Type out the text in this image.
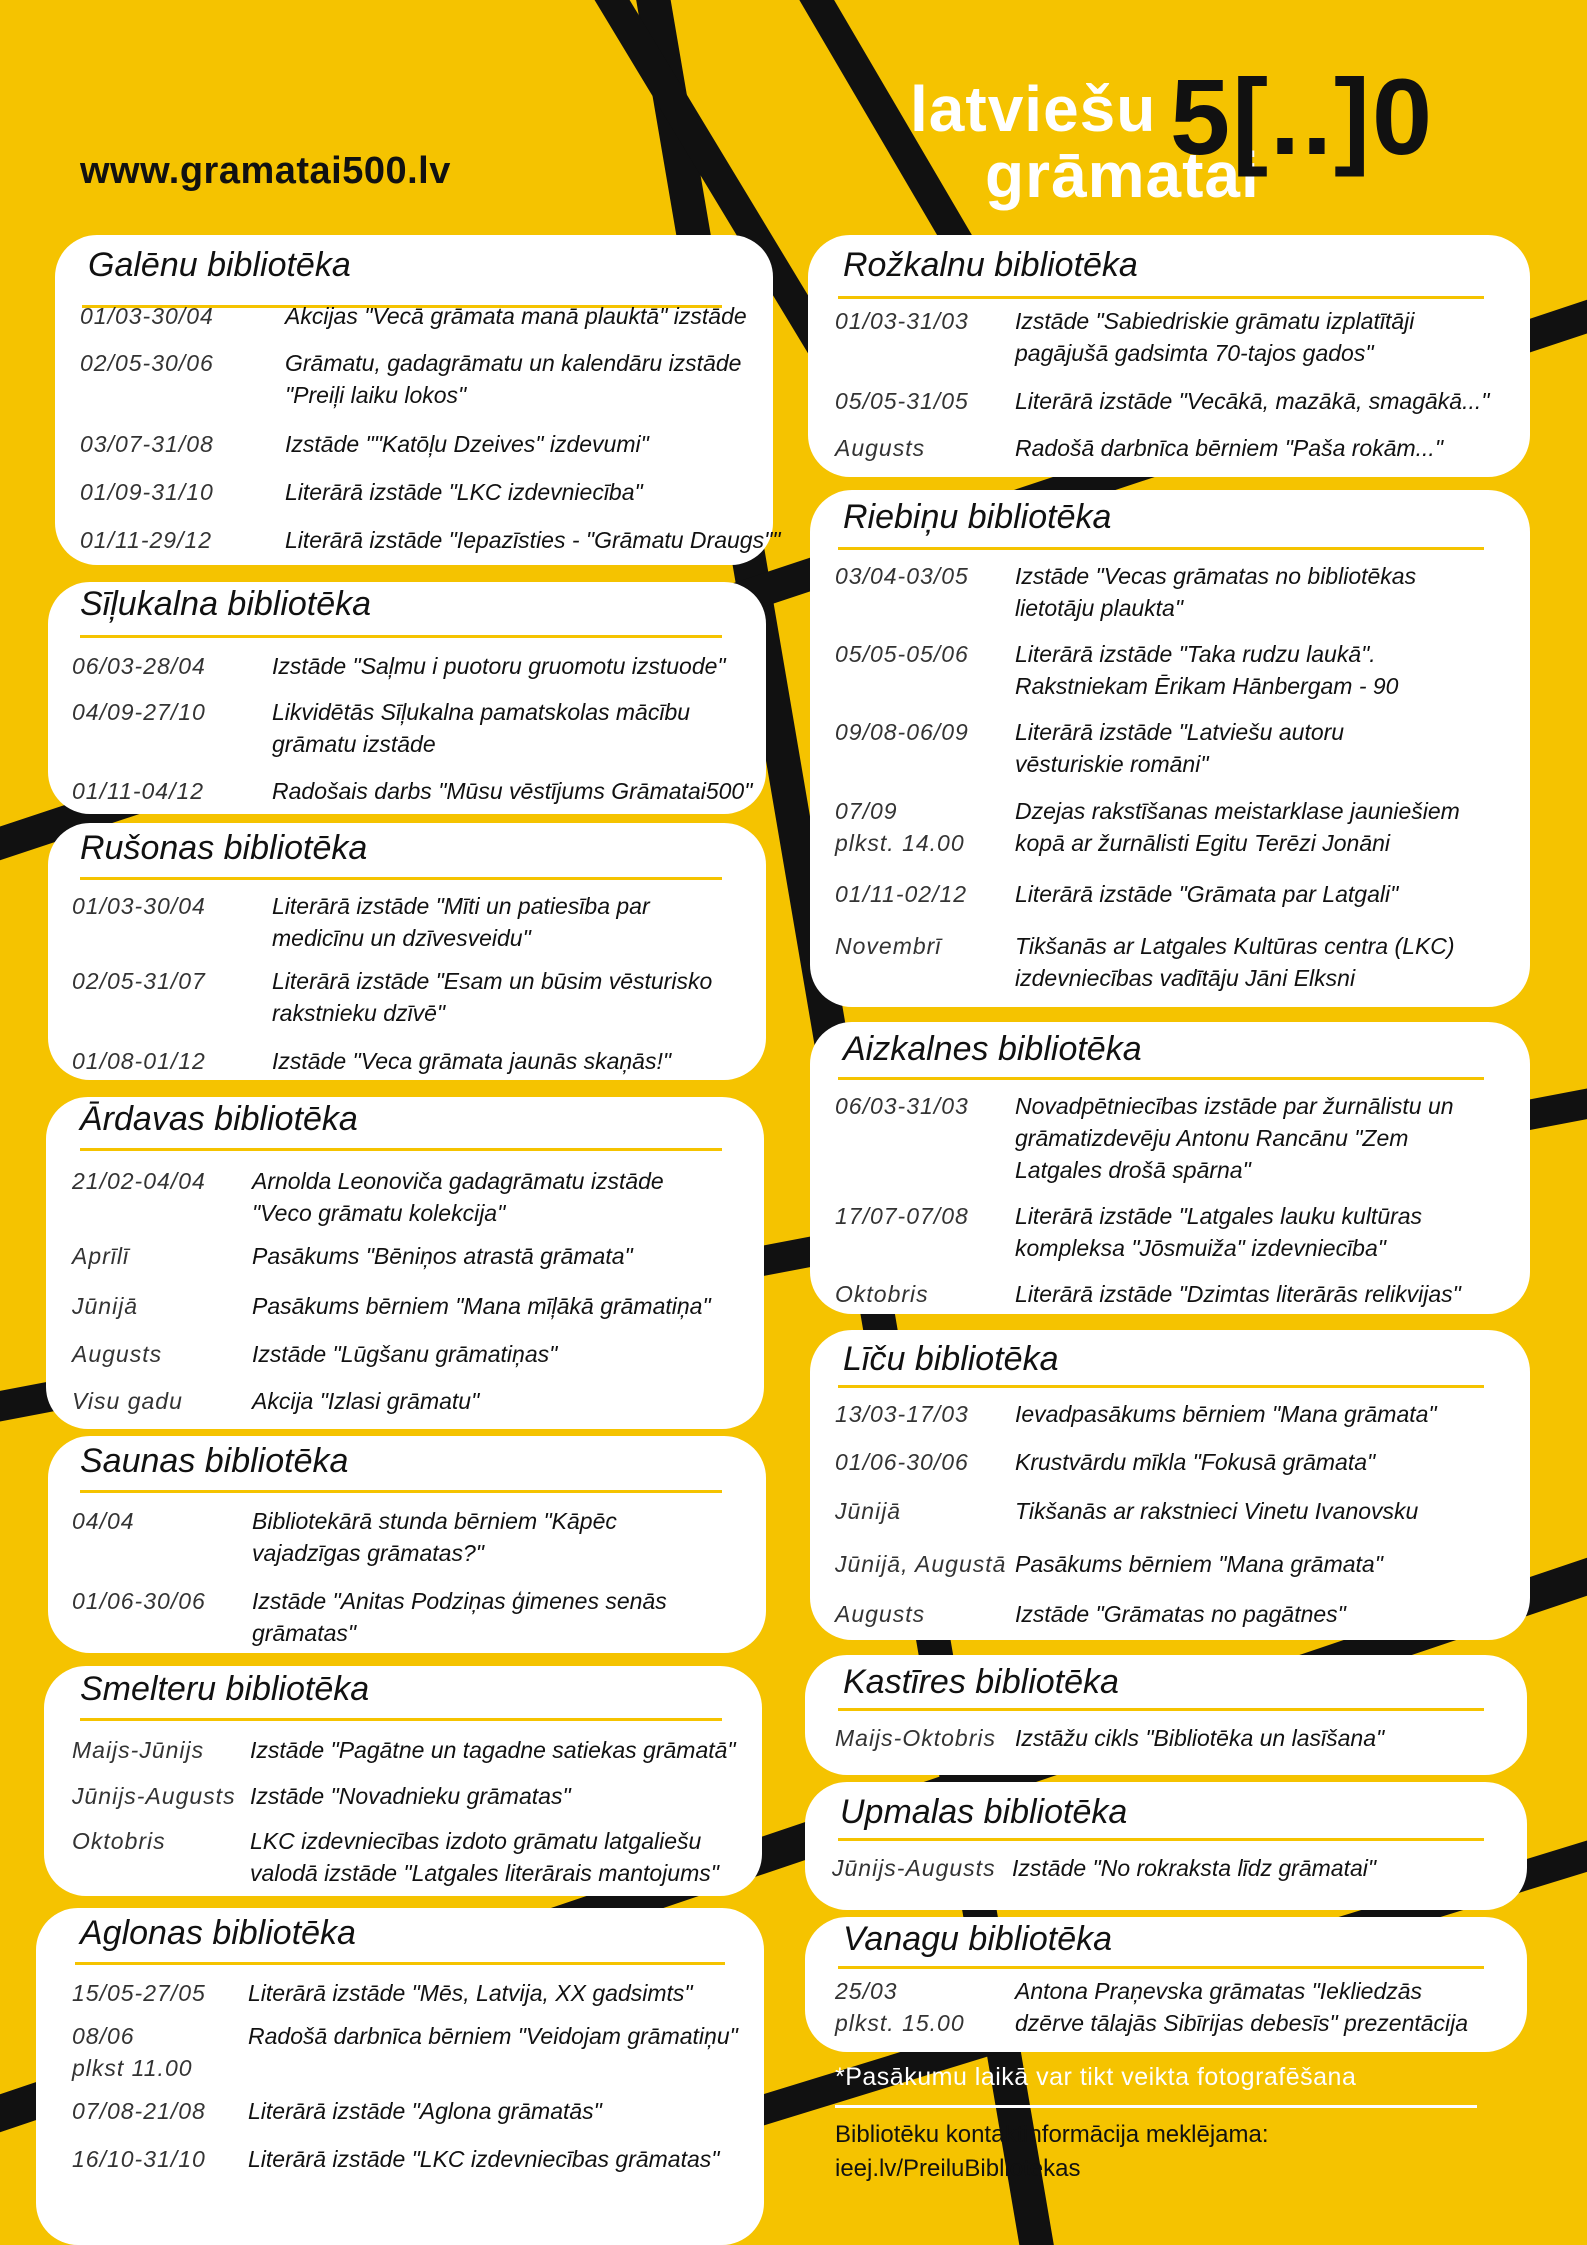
www.gramatai500.lv
latviešu
grāmatai
5[..]0
*Pasākumu laikā var tikt veikta fotografēšana
Bibliotēku kontaktinformācija meklējama:
ieej.lv/PreiluBibliotekas
Galēnu bibliotēka
01/03-30/04	Akcijas "Vecā grāmata manā plauktā" izstāde
02/05-30/06	Grāmatu, gadagrāmatu un kalendāru izstāde
"Preiļi laiku lokos"
03/07-31/08	Izstāde ""Katōļu Dzeives" izdevumi"
01/09-31/10	Literārā izstāde "LKC izdevniecība"
01/11-29/12	Literārā izstāde "Iepazīsties - "Grāmatu Draugs""
Sīļukalna bibliotēka
06/03-28/04	Izstāde "Saļmu i puotoru gruomotu izstuode"
04/09-27/10	Likvidētās Sīļukalna pamatskolas mācību
grāmatu izstāde
01/11-04/12	Radošais darbs "Mūsu vēstījums Grāmatai500"
Rušonas bibliotēka
01/03-30/04	Literārā izstāde "Mīti un patiesība par
medicīnu un dzīvesveidu"
02/05-31/07	Literārā izstāde "Esam un būsim vēsturisko
rakstnieku dzīvē"
01/08-01/12	Izstāde "Veca grāmata jaunās skaņās!"
Ārdavas bibliotēka
21/02-04/04 Arnolda Leonoviča gadagrāmatu izstāde
"Veco grāmatu kolekcija"
Aprīlī	Pasākums "Bēniņos atrastā grāmata"
Jūnijā	Pasākums bērniem "Mana mīļākā grāmatiņa"
Augusts	Izstāde "Lūgšanu grāmatiņas"
Visu gadu	Akcija "Izlasi grāmatu"
Saunas bibliotēka
04/04	Bibliotekārā stunda bērniem "Kāpēc
vajadzīgas grāmatas?"
01/06-30/06 Izstāde "Anitas Podziņas ģimenes senās
grāmatas"
Smelteru bibliotēka
Maijs-Jūnijs Izstāde "Pagātne un tagadne satiekas grāmatā"
Jūnijs-Augusts Izstāde "Novadnieku grāmatas"
Oktobris	LKC izdevniecības izdoto grāmatu latgaliešu
valodā izstāde "Latgales literārais mantojums"
Aglonas bibliotēka
15/05-27/05 Literārā izstāde "Mēs, Latvija, XX gadsimts"
08/06
plkst 11.00
Radošā darbnīca bērniem "Veidojam grāmatiņu"
07/08-21/08 Literārā izstāde "Aglona grāmatās"
16/10-31/10 Literārā izstāde "LKC izdevniecības grāmatas"
Rožkalnu bibliotēka
01/03-31/03 Izstāde "Sabiedriskie grāmatu izplatītāji
pagājušā gadsimta 70-tajos gados"
05/05-31/05 Literārā izstāde "Vecākā, mazākā, smagākā..."
Augusts	Radošā darbnīca bērniem "Paša rokām..."
Riebiņu bibliotēka
03/04-03/05 Izstāde "Vecas grāmatas no bibliotēkas
lietotāju plaukta"
05/05-05/06 Literārā izstāde "Taka rudzu laukā".
Rakstniekam Ērikam Hānbergam - 90
09/08-06/09 Literārā izstāde "Latviešu autoru
vēsturiskie romāni"
07/09
plkst. 14.00
Dzejas rakstīšanas meistarklase jauniešiem
kopā ar žurnālisti Egitu Terēzi Jonāni
01/11-02/12 Literārā izstāde "Grāmata par Latgali"
Novembrī	Tikšanās ar Latgales Kultūras centra (LKC)
izdevniecības vadītāju Jāni Elksni
Aizkalnes bibliotēka
06/03-31/03 Novadpētniecības izstāde par žurnālistu un
grāmatizdevēju Antonu Rancānu "Zem
Latgales drošā spārna"
17/07-07/08 Literārā izstāde "Latgales lauku kultūras
kompleksa "Jōsmuiža" izdevniecība"
Oktobris	Literārā izstāde "Dzimtas literārās relikvijas"
Līču bibliotēka
13/03-17/03 Ievadpasākums bērniem "Mana grāmata"
01/06-30/06 Krustvārdu mīkla "Fokusā grāmata"
Jūnijā	Tikšanās ar rakstnieci Vinetu Ivanovsku
Jūnijā, Augustā Pasākums bērniem "Mana grāmata"
Augusts	Izstāde "Grāmatas no pagātnes"
Kastīres bibliotēka
Maijs-Oktobris Izstāžu cikls "Bibliotēka un lasīšana"
Upmalas bibliotēka
Jūnijs-Augusts Izstāde "No rokraksta līdz grāmatai"
Vanagu bibliotēka
25/03
plkst. 15.00
Antona Praņevska grāmatas "Iekliedzās
dzērve tālajās Sibīrijas debesīs" prezentācija
